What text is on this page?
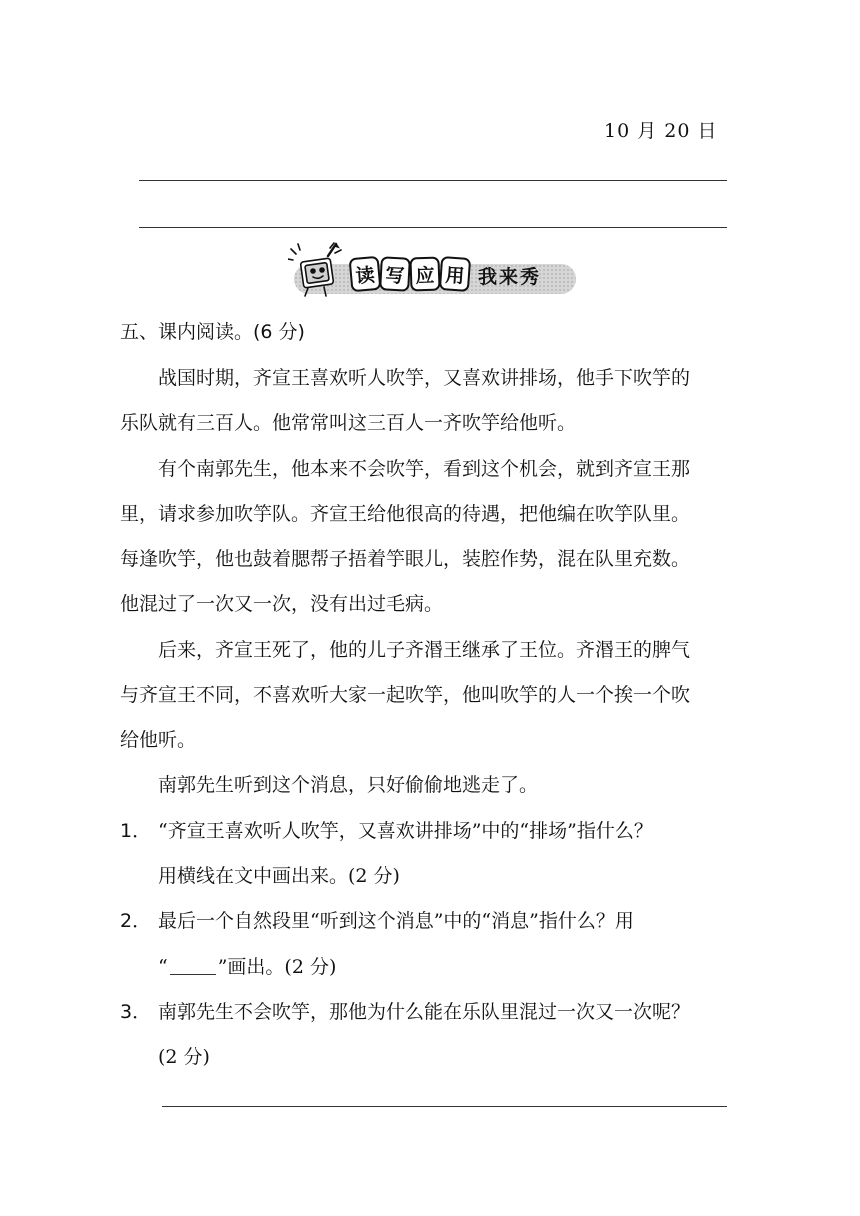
10 月 20 日
读 写 应 用 我来秀
五、课内阅读。(6 分)
战国时期，齐宣王喜欢听人吹竽，又喜欢讲排场，他手下吹竽的
乐队就有三百人。他常常叫这三百人一齐吹竽给他听。
有个南郭先生，他本来不会吹竽，看到这个机会，就到齐宣王那
里，请求参加吹竽队。齐宣王给他很高的待遇，把他编在吹竽队里。
每逢吹竽，他也鼓着腮帮子捂着竽眼儿，装腔作势，混在队里充数。
他混过了一次又一次，没有出过毛病。
后来，齐宣王死了，他的儿子齐湣王继承了王位。齐湣王的脾气
与齐宣王不同，不喜欢听大家一起吹竽，他叫吹竽的人一个挨一个吹
给他听。
南郭先生听到这个消息，只好偷偷地逃走了。
1． “齐宣王喜欢听人吹竽，又喜欢讲排场”中的“排场”指什么？
用横线在文中画出来。(2 分)
2． 最后一个自然段里“听到这个消息”中的“消息”指什么？用
“	”画出。(2 分)
3． 南郭先生不会吹竽，那他为什么能在乐队里混过一次又一次呢？
(2 分)
